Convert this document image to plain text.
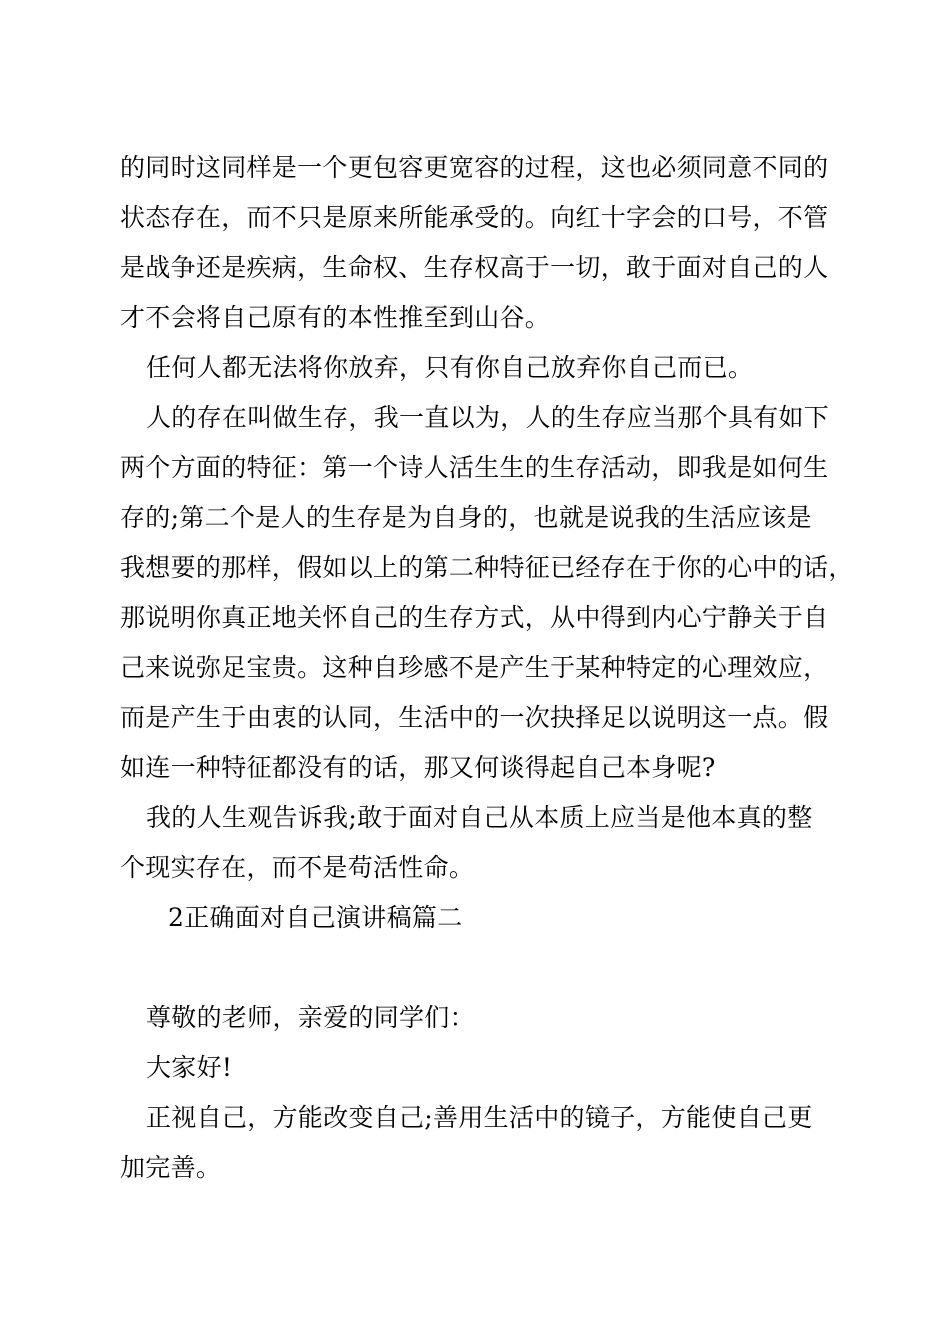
的同时这同样是一个更包容更宽容的过程，这也必须同意不同的
状态存在，而不只是原来所能承受的。向红十字会的口号，不管
是战争还是疾病，生命权、生存权高于一切，敢于面对自己的人
才不会将自己原有的本性推至到山谷。
任何人都无法将你放弃，只有你自己放弃你自己而已。
人的存在叫做生存，我一直以为，人的生存应当那个具有如下
两个方面的特征：第一个诗人活生生的生存活动，即我是如何生
存的;第二个是人的生存是为自身的，也就是说我的生活应该是
我想要的那样，假如以上的第二种特征已经存在于你的心中的话，
那说明你真正地关怀自己的生存方式，从中得到内心宁静关于自
己来说弥足宝贵。这种自珍感不是产生于某种特定的心理效应，
而是产生于由衷的认同，生活中的一次抉择足以说明这一点。假
如连一种特征都没有的话，那又何谈得起自己本身呢?
我的人生观告诉我;敢于面对自己从本质上应当是他本真的整
个现实存在，而不是苟活性命。
2正确面对自己演讲稿篇二
尊敬的老师，亲爱的同学们：
大家好!
正视自己，方能改变自己;善用生活中的镜子，方能使自己更
加完善。
